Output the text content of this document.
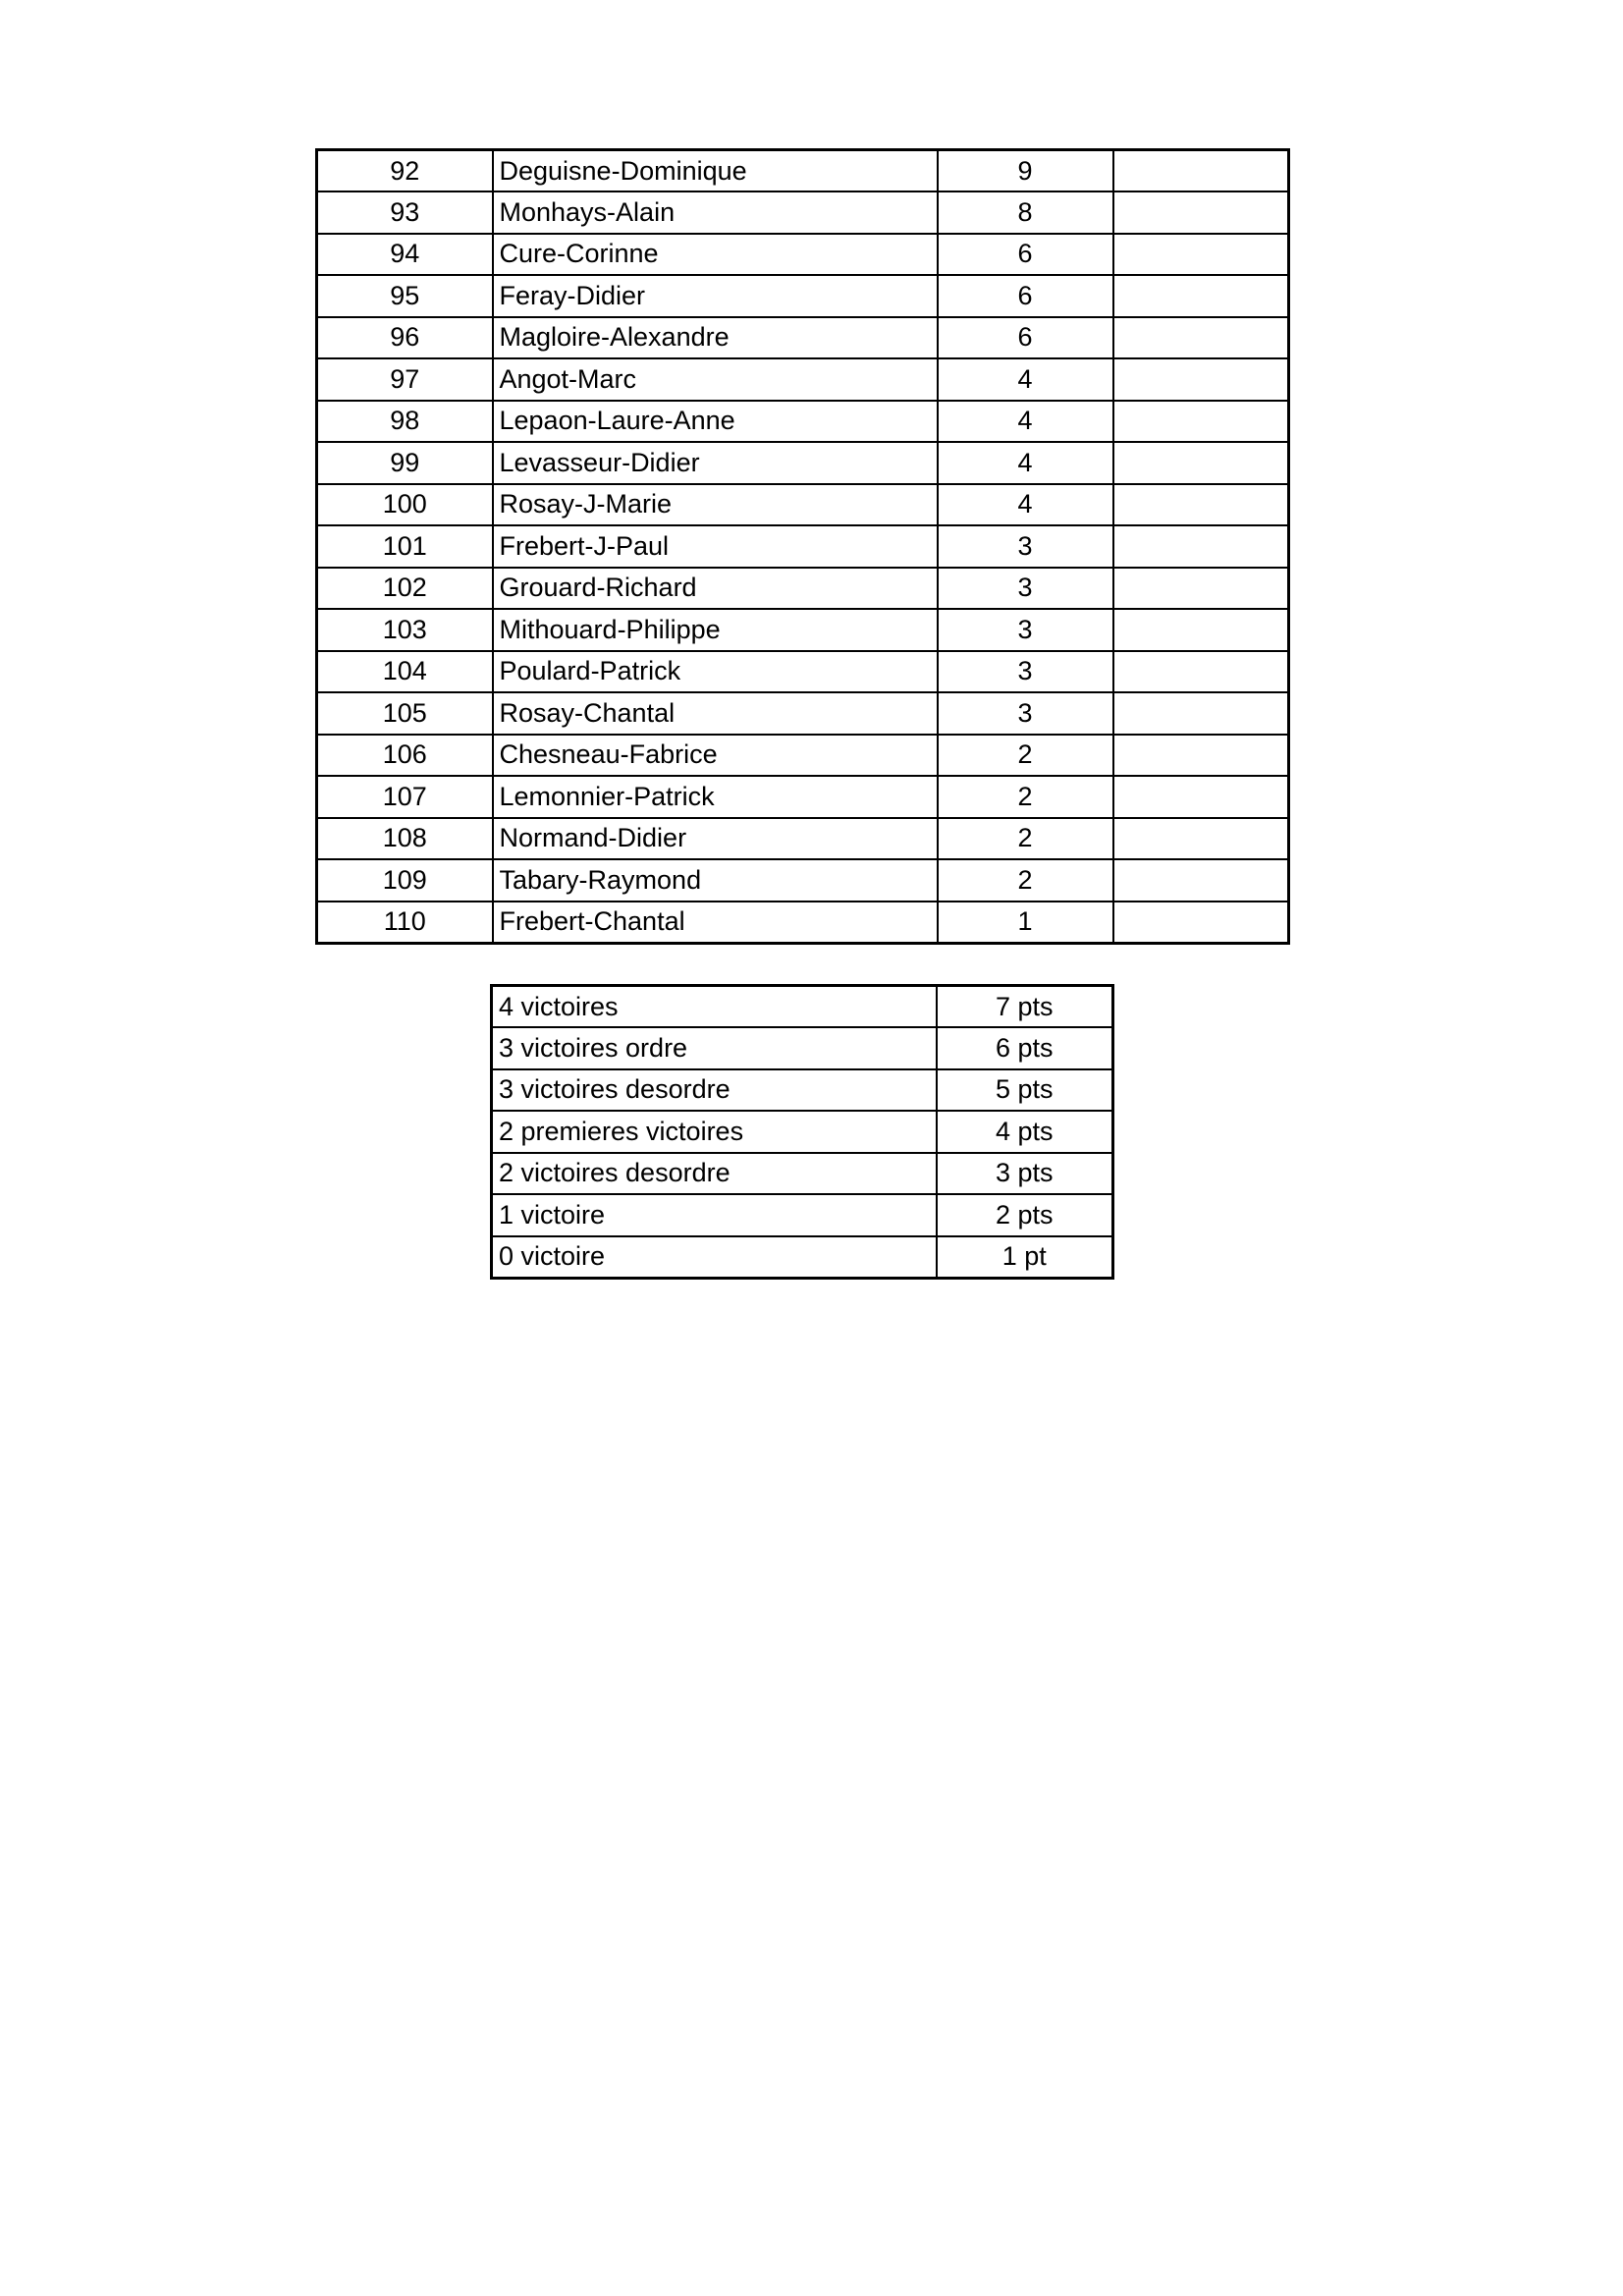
92	Deguisne-Dominique	9	
93	Monhays-Alain	8	
94	Cure-Corinne	6	
95	Feray-Didier	6	
96	Magloire-Alexandre	6	
97	Angot-Marc	4	
98	Lepaon-Laure-Anne	4	
99	Levasseur-Didier	4	
100	Rosay-J-Marie	4	
101	Frebert-J-Paul	3	
102	Grouard-Richard	3	
103	Mithouard-Philippe	3	
104	Poulard-Patrick	3	
105	Rosay-Chantal	3	
106	Chesneau-Fabrice	2	
107	Lemonnier-Patrick	2	
108	Normand-Didier	2	
109	Tabary-Raymond	2	
110	Frebert-Chantal	1	
4 victoires	7 pts
3 victoires ordre	6 pts
3 victoires desordre	5 pts
2 premieres victoires	4 pts
2 victoires desordre	3 pts
1 victoire	2 pts
0 victoire	1 pt
